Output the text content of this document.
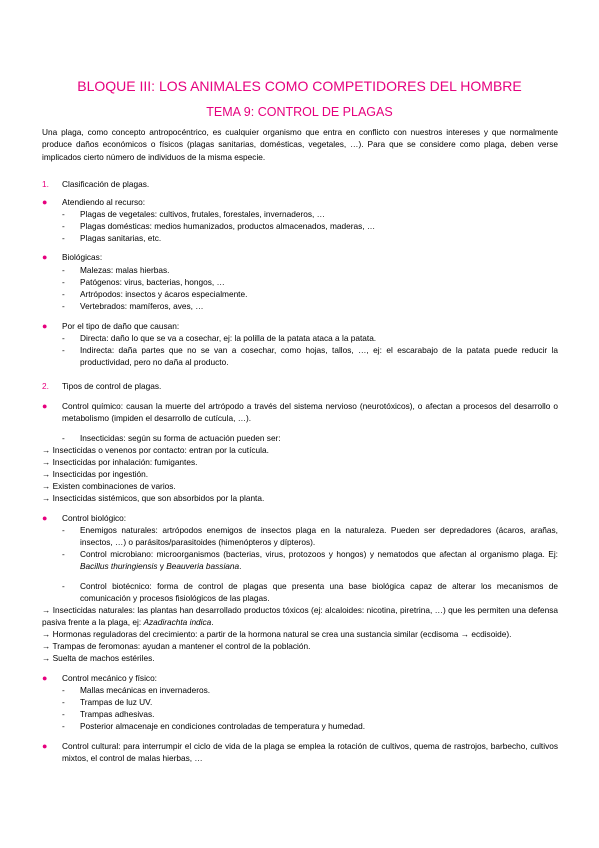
BLOQUE III: LOS ANIMALES COMO COMPETIDORES DEL HOMBRE
TEMA 9: CONTROL DE PLAGAS
Una plaga, como concepto antropocéntrico, es cualquier organismo que entra en conflicto con nuestros intereses y que normalmente produce daños económicos o físicos (plagas sanitarias, domésticas, vegetales, …). Para que se considere como plaga, deben verse implicados cierto número de individuos de la misma especie.
1. Clasificación de plagas.
● Atendiendo al recurso:
- Plagas de vegetales: cultivos, frutales, forestales, invernaderos, …
- Plagas domésticas: medios humanizados, productos almacenados, maderas, …
- Plagas sanitarias, etc.
● Biológicas:
- Malezas: malas hierbas.
- Patógenos: virus, bacterias, hongos, …
- Artrópodos: insectos y ácaros especialmente.
- Vertebrados: mamíferos, aves, …
● Por el tipo de daño que causan:
- Directa: daño lo que se va a cosechar, ej: la polilla de la patata ataca a la patata.
- Indirecta: daña partes que no se van a cosechar, como hojas, tallos, …, ej: el escarabajo de la patata puede reducir la productividad, pero no daña al producto.
2. Tipos de control de plagas.
● Control químico: causan la muerte del artrópodo a través del sistema nervioso (neurotóxicos), o afectan a procesos del desarrollo o metabolismo (impiden el desarrollo de cutícula, …).
- Insecticidas: según su forma de actuación pueden ser:
→ Insecticidas o venenos por contacto: entran por la cutícula.
→ Insecticidas por inhalación: fumigantes.
→ Insecticidas por ingestión.
→ Existen combinaciones de varios.
→ Insecticidas sistémicos, que son absorbidos por la planta.
● Control biológico:
- Enemigos naturales: artrópodos enemigos de insectos plaga en la naturaleza. Pueden ser depredadores (ácaros, arañas, insectos, …) o parásitos/parasitoides (himenópteros y dípteros).
- Control microbiano: microorganismos (bacterias, virus, protozoos y hongos) y nematodos que afectan al organismo plaga. Ej: Bacillus thuringiensis y Beauveria bassiana.
- Control biotécnico: forma de control de plagas que presenta una base biológica capaz de alterar los mecanismos de comunicación y procesos fisiológicos de las plagas.
→ Insecticidas naturales: las plantas han desarrollado productos tóxicos (ej: alcaloides: nicotina, piretrina, …) que les permiten una defensa pasiva frente a la plaga, ej: Azadirachta indica.
→ Hormonas reguladoras del crecimiento: a partir de la hormona natural se crea una sustancia similar (ecdisoma → ecdisoide).
→ Trampas de feromonas: ayudan a mantener el control de la población.
→ Suelta de machos estériles.
● Control mecánico y físico:
- Mallas mecánicas en invernaderos.
- Trampas de luz UV.
- Trampas adhesivas.
- Posterior almacenaje en condiciones controladas de temperatura y humedad.
● Control cultural: para interrumpir el ciclo de vida de la plaga se emplea la rotación de cultivos, quema de rastrojos, barbecho, cultivos mixtos, el control de malas hierbas, …
